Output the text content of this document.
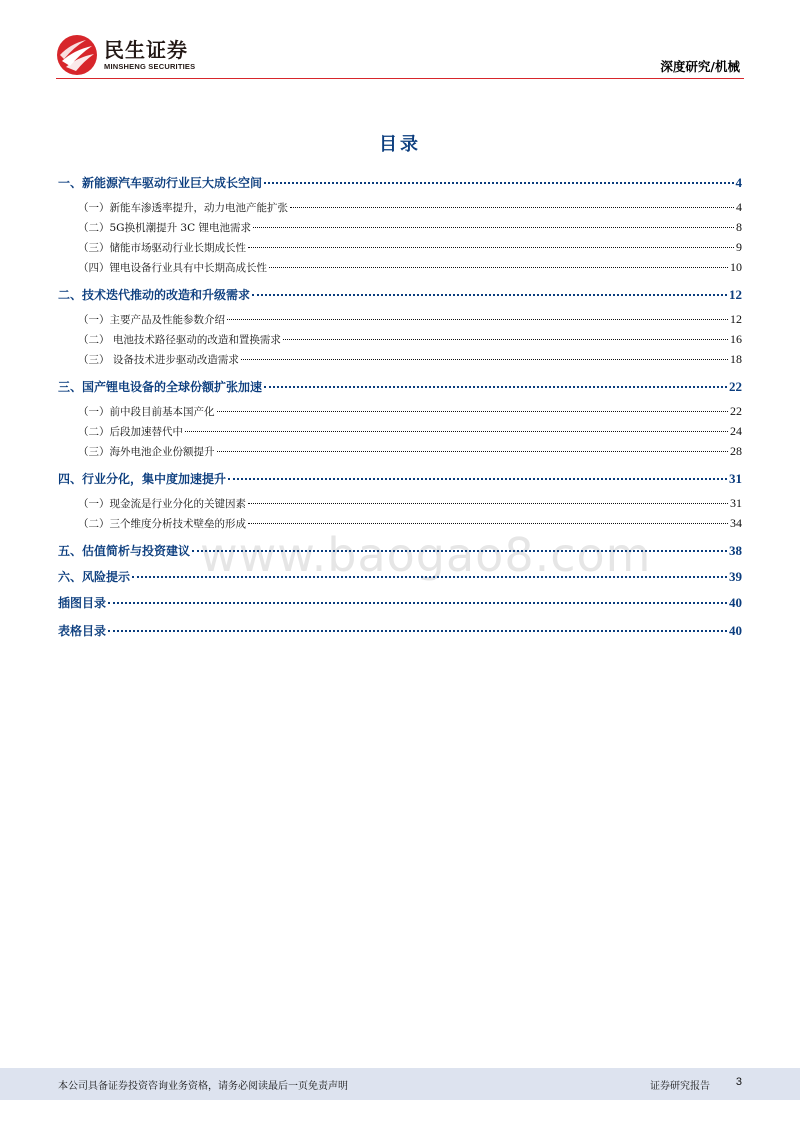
民生证券
MINSHENG SECURITIES	深度研究/机械
目录
www.baogao8.com
一、新能源汽车驱动行业巨大成长空间	4
（一）新能车渗透率提升，动力电池产能扩张	4
（二）5G换机潮提升 3C 锂电池需求	8
（三）储能市场驱动行业长期成长性	9
（四）锂电设备行业具有中长期高成长性	10
二、技术迭代推动的改造和升级需求	12
（一）主要产品及性能参数介绍	12
（二） 电池技术路径驱动的改造和置换需求	16
（三） 设备技术进步驱动改造需求	18
三、国产锂电设备的全球份额扩张加速	22
（一）前中段目前基本国产化	22
（二）后段加速替代中	24
（三）海外电池企业份额提升	28
四、行业分化，集中度加速提升	31
（一）现金流是行业分化的关键因素	31
（二）三个维度分析技术壁垒的形成	34
五、估值简析与投资建议	38
六、风险提示	39
插图目录	40
表格目录	40
本公司具备证券投资咨询业务资格，请务必阅读最后一页免责声明	证券研究报告 3
